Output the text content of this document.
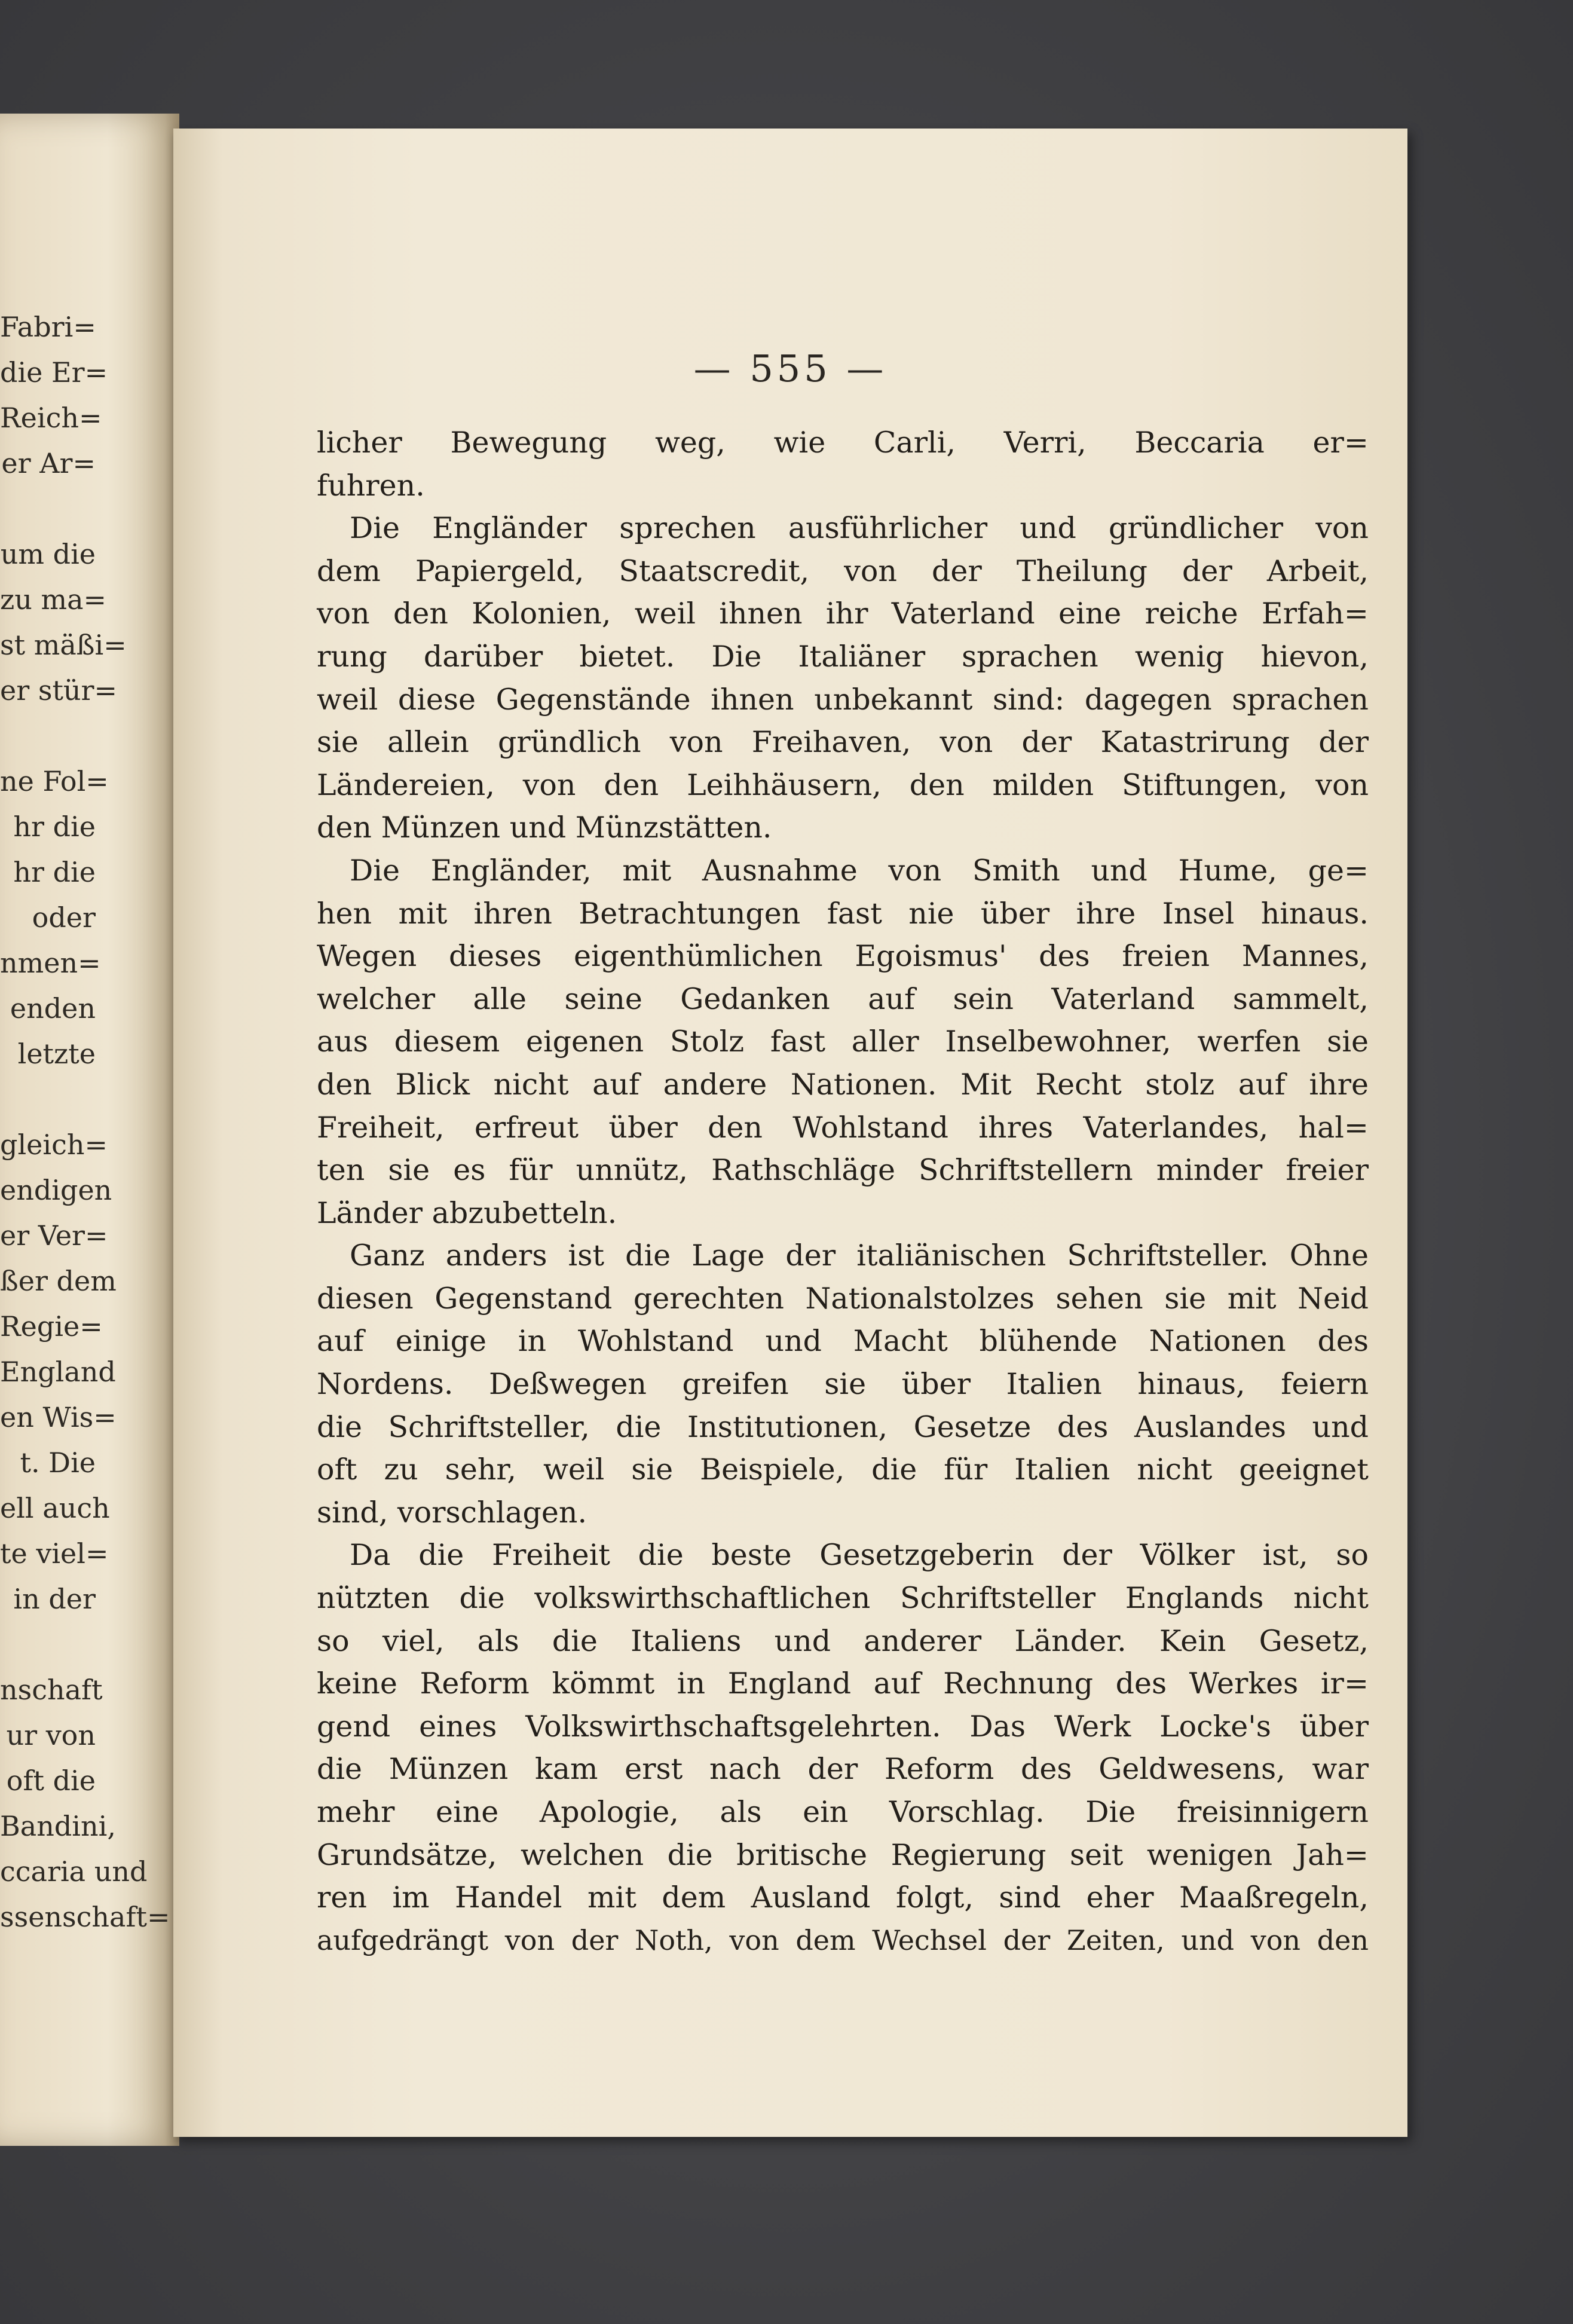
Fabri=
die Er=
Reich=
er Ar=
um die
zu ma=
st mäßi=
er stür=
ne Fol=
hr die
hr die
oder
nmen=
enden
letzte
gleich=
endigen
er Ver=
ßer dem
Regie=
England
en Wis=
t. Die
ell auch
te viel=
in der
nschaft
ur von
oft die
Bandini,
ccaria und
ssenschaft=
— 555 —
licher Bewegung weg, wie Carli, Verri, Beccaria er=
fuhren.
Die Engländer sprechen ausführlicher und gründlicher von
dem Papiergeld, Staatscredit, von der Theilung der Arbeit,
von den Kolonien, weil ihnen ihr Vaterland eine reiche Erfah=
rung darüber bietet. Die Italiäner sprachen wenig hievon,
weil diese Gegenstände ihnen unbekannt sind: dagegen sprachen
sie allein gründlich von Freihaven, von der Katastrirung der
Ländereien, von den Leihhäusern, den milden Stiftungen, von
den Münzen und Münzstätten.
Die Engländer, mit Ausnahme von Smith und Hume, ge=
hen mit ihren Betrachtungen fast nie über ihre Insel hinaus.
Wegen dieses eigenthümlichen Egoismus' des freien Mannes,
welcher alle seine Gedanken auf sein Vaterland sammelt,
aus diesem eigenen Stolz fast aller Inselbewohner, werfen sie
den Blick nicht auf andere Nationen. Mit Recht stolz auf ihre
Freiheit, erfreut über den Wohlstand ihres Vaterlandes, hal=
ten sie es für unnütz, Rathschläge Schriftstellern minder freier
Länder abzubetteln.
Ganz anders ist die Lage der italiänischen Schriftsteller. Ohne
diesen Gegenstand gerechten Nationalstolzes sehen sie mit Neid
auf einige in Wohlstand und Macht blühende Nationen des
Nordens. Deßwegen greifen sie über Italien hinaus, feiern
die Schriftsteller, die Institutionen, Gesetze des Auslandes und
oft zu sehr, weil sie Beispiele, die für Italien nicht geeignet
sind, vorschlagen.
Da die Freiheit die beste Gesetzgeberin der Völker ist, so
nützten die volkswirthschaftlichen Schriftsteller Englands nicht
so viel, als die Italiens und anderer Länder. Kein Gesetz,
keine Reform kömmt in England auf Rechnung des Werkes ir=
gend eines Volkswirthschaftsgelehrten. Das Werk Locke's über
die Münzen kam erst nach der Reform des Geldwesens, war
mehr eine Apologie, als ein Vorschlag. Die freisinnigern
Grundsätze, welchen die britische Regierung seit wenigen Jah=
ren im Handel mit dem Ausland folgt, sind eher Maaßregeln,
aufgedrängt von der Noth, von dem Wechsel der Zeiten, und von den
